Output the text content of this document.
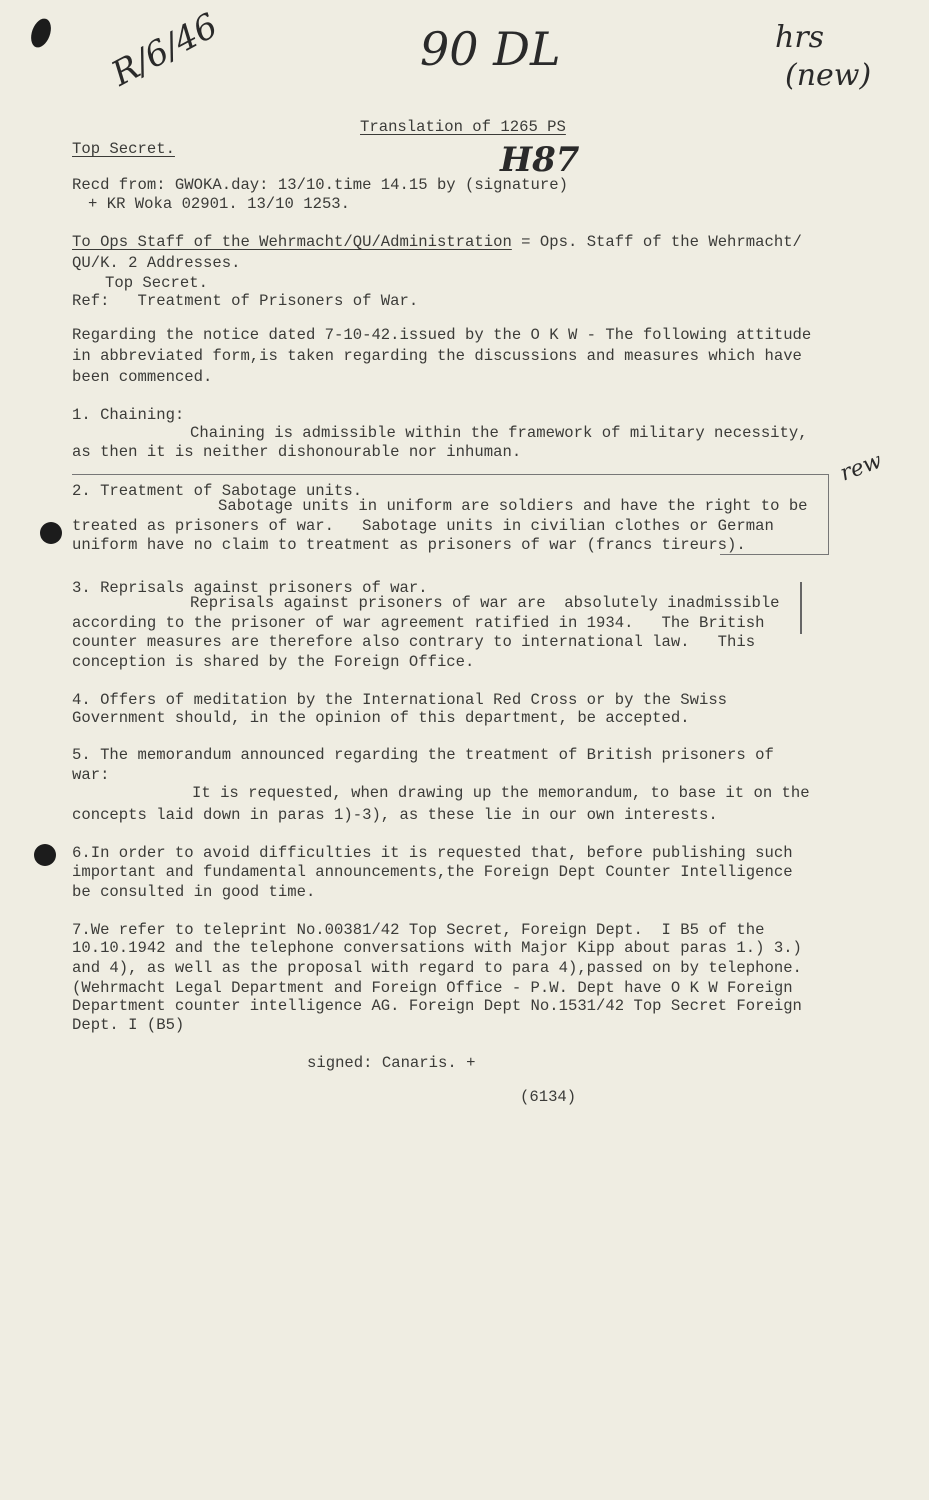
R/6/46	90 DL	hrs
(new)
H87
rew
Translation of 1265 PS
Top Secret.
Recd from: GWOKA.day: 13/10.time 14.15 by (signature)
+ KR Woka 02901. 13/10 1253.
To Ops Staff of the Wehrmacht/QU/Administration = Ops. Staff of the Wehrmacht/
QU/K. 2 Addresses.
Top Secret.
Ref:   Treatment of Prisoners of War.
Regarding the notice dated 7-10-42.issued by the O K W - The following attitude
in abbreviated form,is taken regarding the discussions and measures which have
been commenced.
1. Chaining:
Chaining is admissible within the framework of military necessity,
as then it is neither dishonourable nor inhuman.
2. Treatment of Sabotage units.
Sabotage units in uniform are soldiers and have the right to be
treated as prisoners of war.   Sabotage units in civilian clothes or German
uniform have no claim to treatment as prisoners of war (francs tireurs).
3. Reprisals against prisoners of war.
Reprisals against prisoners of war are  absolutely inadmissible
according to the prisoner of war agreement ratified in 1934.   The British
counter measures are therefore also contrary to international law.   This
conception is shared by the Foreign Office.
4. Offers of meditation by the International Red Cross or by the Swiss
Government should, in the opinion of this department, be accepted.
5. The memorandum announced regarding the treatment of British prisoners of
war:
It is requested, when drawing up the memorandum, to base it on the
concepts laid down in paras 1)-3), as these lie in our own interests.
6.In order to avoid difficulties it is requested that, before publishing such
important and fundamental announcements,the Foreign Dept Counter Intelligence
be consulted in good time.
7.We refer to teleprint No.00381/42 Top Secret, Foreign Dept.  I B5 of the
10.10.1942 and the telephone conversations with Major Kipp about paras 1.) 3.)
and 4), as well as the proposal with regard to para 4),passed on by telephone.
(Wehrmacht Legal Department and Foreign Office - P.W. Dept have O K W Foreign
Department counter intelligence AG. Foreign Dept No.1531/42 Top Secret Foreign
Dept. I (B5)
signed: Canaris. +
(6134)
